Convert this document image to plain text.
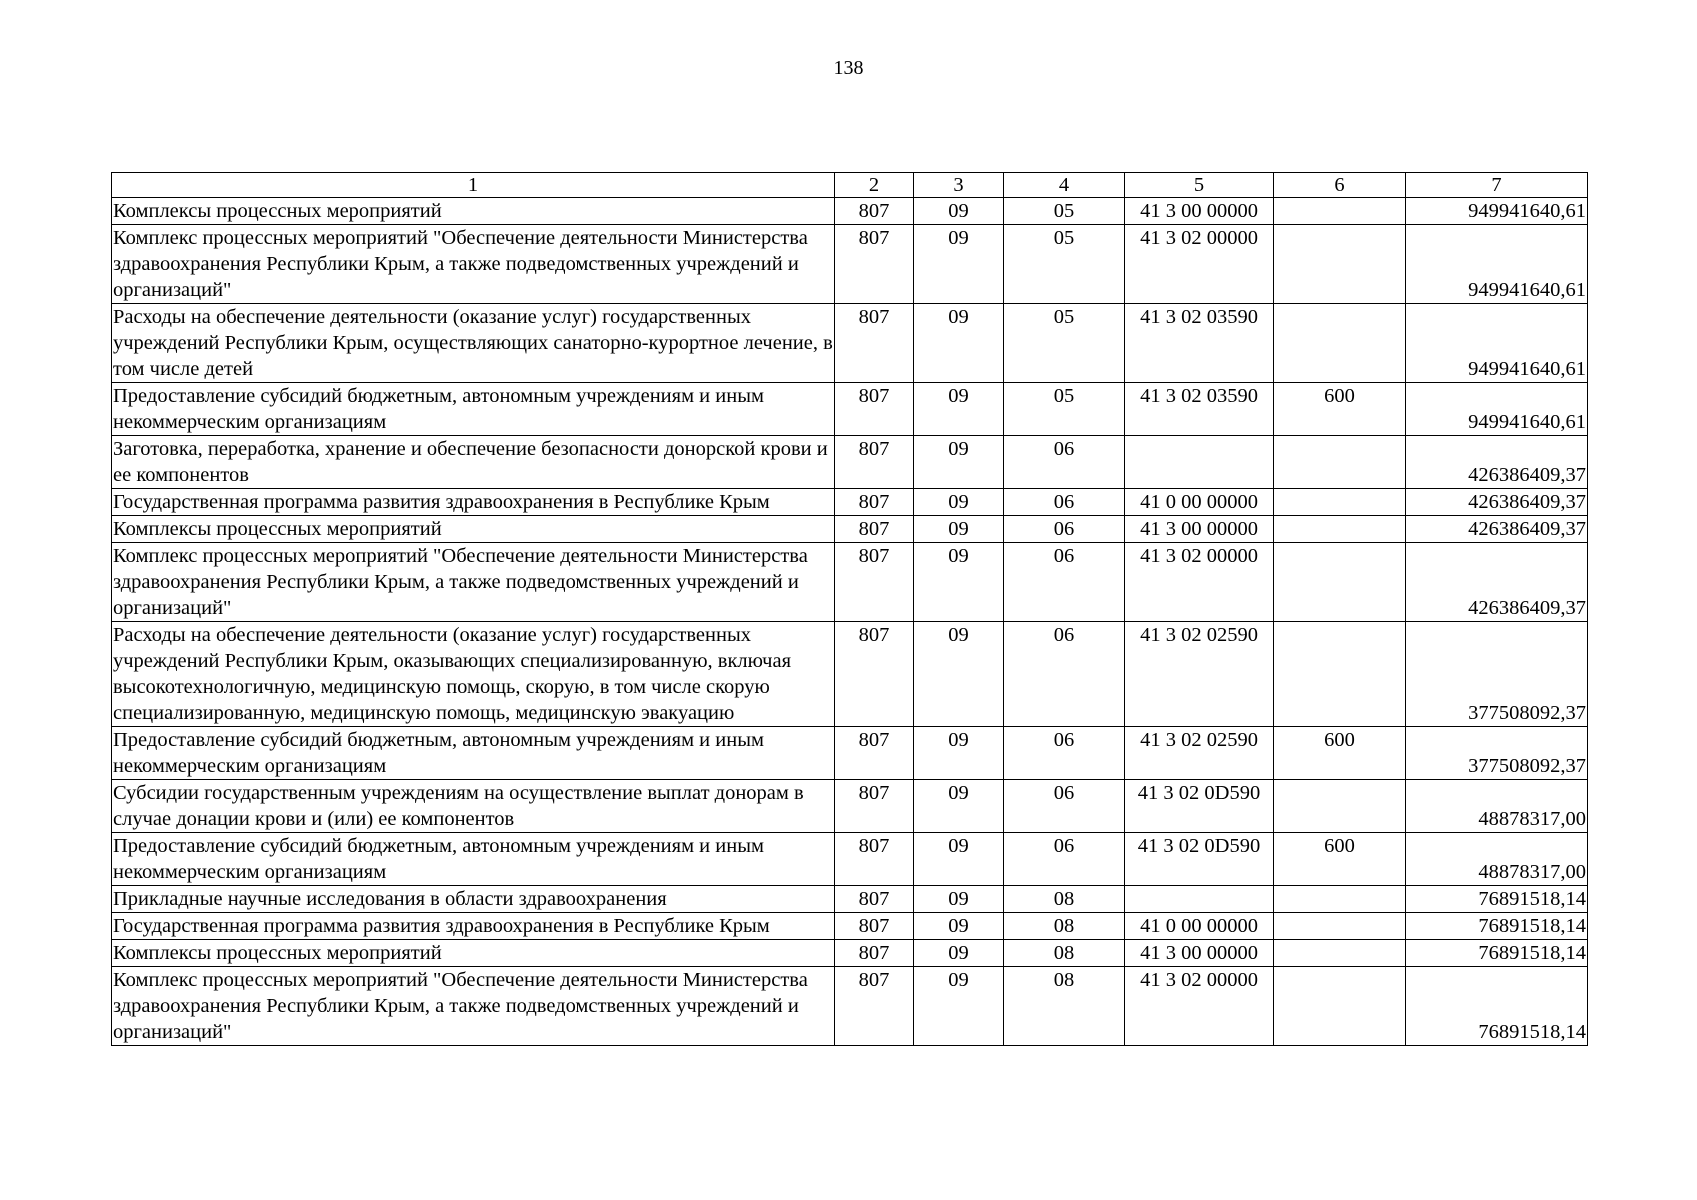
138
1	2	3	4	5	6	7
Комплексы процессных мероприятий	807	09	05	41 3 00 00000		949941640,61
Комплекс процессных мероприятий "Обеспечение деятельности Министерства здравоохранения Республики Крым, а также подведомственных учреждений и организаций"	807	09	05	41 3 02 00000		949941640,61
Расходы на обеспечение деятельности (оказание услуг) государственных учреждений Республики Крым, осуществляющих санаторно-курортное лечение, в том числе детей	807	09	05	41 3 02 03590		949941640,61
Предоставление субсидий бюджетным, автономным учреждениям и иным некоммерческим организациям	807	09	05	41 3 02 03590	600	949941640,61
Заготовка, переработка, хранение и обеспечение безопасности донорской крови и ее компонентов	807	09	06			426386409,37
Государственная программа развития здравоохранения в Республике Крым	807	09	06	41 0 00 00000		426386409,37
Комплексы процессных мероприятий	807	09	06	41 3 00 00000		426386409,37
Комплекс процессных мероприятий "Обеспечение деятельности Министерства здравоохранения Республики Крым, а также подведомственных учреждений и организаций"	807	09	06	41 3 02 00000		426386409,37
Расходы на обеспечение деятельности (оказание услуг) государственных учреждений Республики Крым, оказывающих специализированную, включая высокотехнологичную, медицинскую помощь, скорую, в том числе скорую специализированную, медицинскую помощь, медицинскую эвакуацию	807	09	06	41 3 02 02590		377508092,37
Предоставление субсидий бюджетным, автономным учреждениям и иным некоммерческим организациям	807	09	06	41 3 02 02590	600	377508092,37
Субсидии государственным учреждениям на осуществление выплат донорам в случае донации крови и (или) ее компонентов	807	09	06	41 3 02 0D590		48878317,00
Предоставление субсидий бюджетным, автономным учреждениям и иным некоммерческим организациям	807	09	06	41 3 02 0D590	600	48878317,00
Прикладные научные исследования в области здравоохранения	807	09	08			76891518,14
Государственная программа развития здравоохранения в Республике Крым	807	09	08	41 0 00 00000		76891518,14
Комплексы процессных мероприятий	807	09	08	41 3 00 00000		76891518,14
Комплекс процессных мероприятий "Обеспечение деятельности Министерства здравоохранения Республики Крым, а также подведомственных учреждений и организаций"	807	09	08	41 3 02 00000		76891518,14
